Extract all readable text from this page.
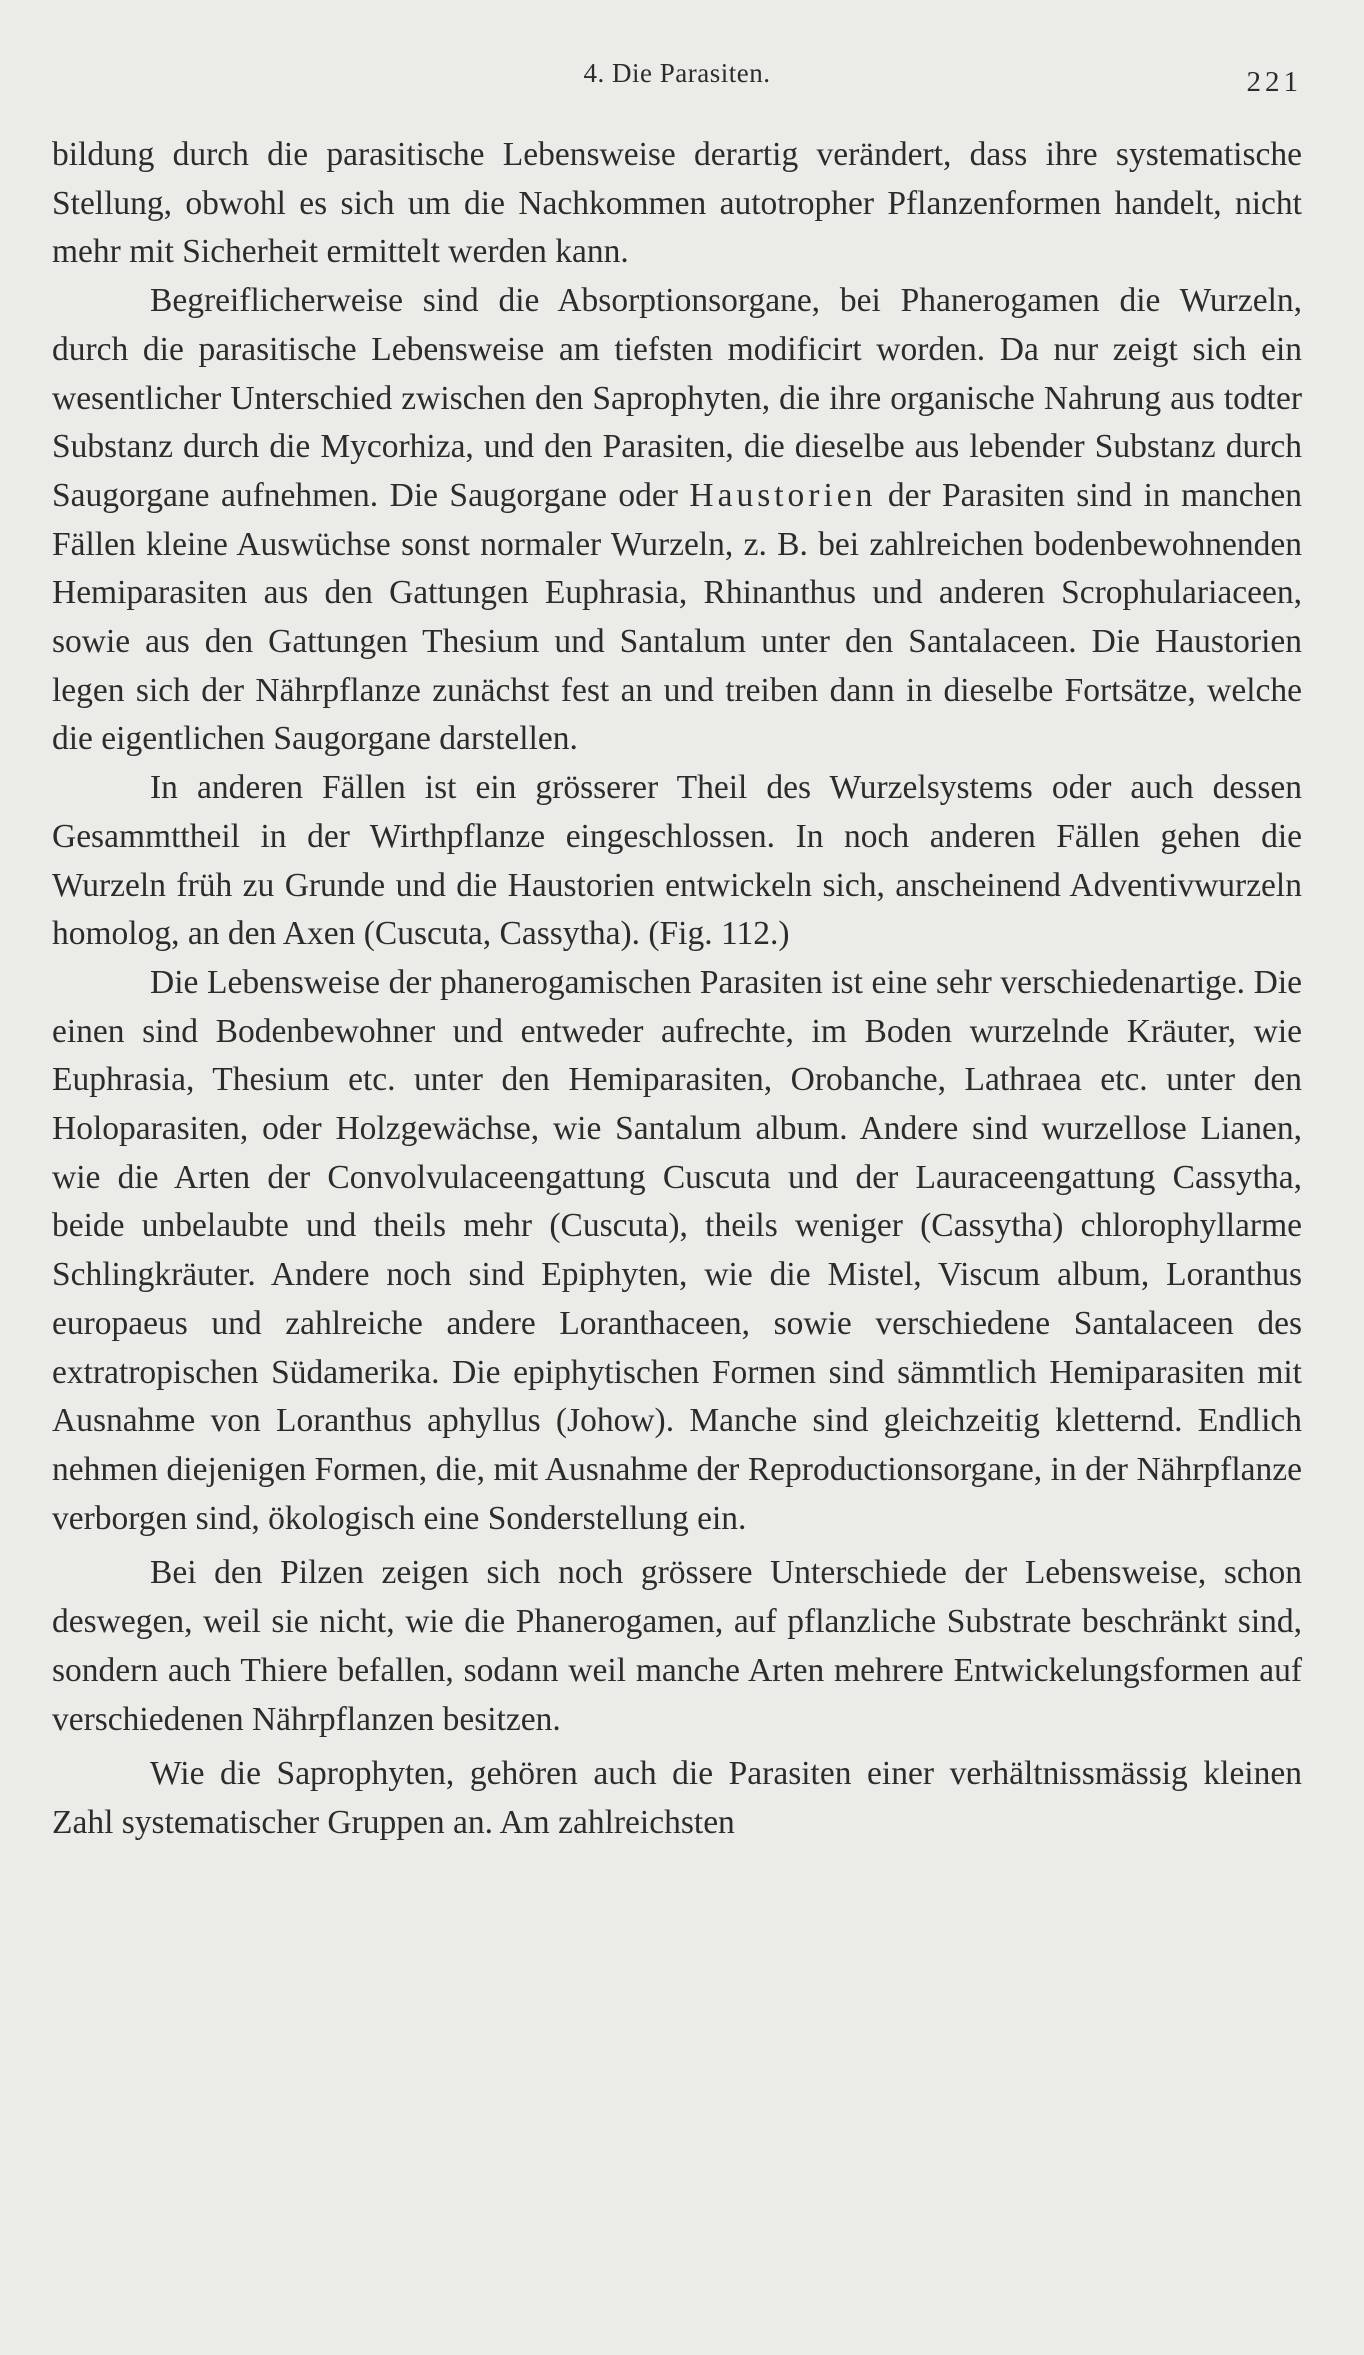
4. Die Parasiten.	221

bildung durch die parasitische Lebensweise derartig verändert, dass ihre systematische Stellung, obwohl es sich um die Nachkommen autotropher Pflanzenformen handelt, nicht mehr mit Sicherheit ermittelt werden kann.

Begreiflicherweise sind die Absorptionsorgane, bei Phanerogamen die Wurzeln, durch die parasitische Lebensweise am tiefsten modificirt worden. Da nur zeigt sich ein wesentlicher Unterschied zwischen den Saprophyten, die ihre organische Nahrung aus todter Substanz durch die Mycorhiza, und den Parasiten, die dieselbe aus lebender Substanz durch Saugorgane aufnehmen. Die Saugorgane oder Haustorien der Parasiten sind in manchen Fällen kleine Auswüchse sonst normaler Wurzeln, z. B. bei zahlreichen bodenbewohnenden Hemiparasiten aus den Gattungen Euphrasia, Rhinanthus und anderen Scrophulariaceen, sowie aus den Gattungen Thesium und Santalum unter den Santalaceen. Die Haustorien legen sich der Nährpflanze zunächst fest an und treiben dann in dieselbe Fortsätze, welche die eigentlichen Saugorgane darstellen.

In anderen Fällen ist ein grösserer Theil des Wurzelsystems oder auch dessen Gesammttheil in der Wirthpflanze eingeschlossen. In noch anderen Fällen gehen die Wurzeln früh zu Grunde und die Haustorien entwickeln sich, anscheinend Adventivwurzeln homolog, an den Axen (Cuscuta, Cassytha). (Fig. 112.)

Die Lebensweise der phanerogamischen Parasiten ist eine sehr verschiedenartige. Die einen sind Bodenbewohner und entweder aufrechte, im Boden wurzelnde Kräuter, wie Euphrasia, Thesium etc. unter den Hemiparasiten, Orobanche, Lathraea etc. unter den Holoparasiten, oder Holzgewächse, wie Santalum album. Andere sind wurzellose Lianen, wie die Arten der Convolvulaceengattung Cuscuta und der Lauraceengattung Cassytha, beide unbelaubte und theils mehr (Cuscuta), theils weniger (Cassytha) chlorophyllarme Schlingkräuter. Andere noch sind Epiphyten, wie die Mistel, Viscum album, Loranthus europaeus und zahlreiche andere Loranthaceen, sowie verschiedene Santalaceen des extratropischen Südamerika. Die epiphytischen Formen sind sämmtlich Hemiparasiten mit Ausnahme von Loranthus aphyllus (Johow). Manche sind gleichzeitig kletternd. Endlich nehmen diejenigen Formen, die, mit Ausnahme der Reproductionsorgane, in der Nährpflanze verborgen sind, ökologisch eine Sonderstellung ein.

Bei den Pilzen zeigen sich noch grössere Unterschiede der Lebensweise, schon deswegen, weil sie nicht, wie die Phanerogamen, auf pflanzliche Substrate beschränkt sind, sondern auch Thiere befallen, sodann weil manche Arten mehrere Entwickelungsformen auf verschiedenen Nährpflanzen besitzen.

Wie die Saprophyten, gehören auch die Parasiten einer verhältnissmässig kleinen Zahl systematischer Gruppen an. Am zahlreichsten
